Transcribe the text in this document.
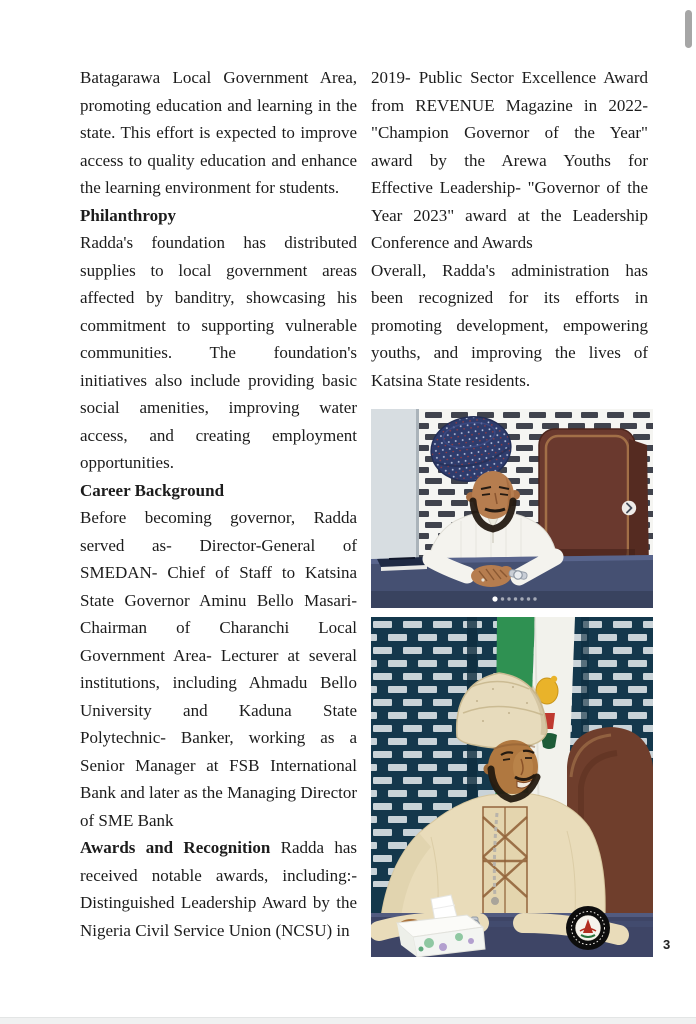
Batagarawa Local Government Area, promoting education and learning in the state. This effort is expected to improve access to quality education and enhance the learning environment for students.

Philanthropy

Radda's foundation has distributed supplies to local government areas affected by banditry, showcasing his commitment to supporting vulnerable communities. The foundation's initiatives also include providing basic social amenities, improving water access, and creating employment opportunities.

Career Background

Before becoming governor, Radda served as- Director-General of SMEDAN- Chief of Staff to Katsina State Governor Aminu Bello Masari- Chairman of Charanchi Local Government Area- Lecturer at several institutions, including Ahmadu Bello University and Kaduna State Polytechnic- Banker, working as a Senior Manager at FSB International Bank and later as the Managing Director of SME Bank

Awards and Recognition Radda has received notable awards, including:- Distinguished Leadership Award by the Nigeria Civil Service Union (NCSU) in

2019- Public Sector Excellence Award from REVENUE Magazine in 2022- "Champion Governor of the Year" award by the Arewa Youths for Effective Leadership- "Governor of the Year 2023" award at the Leadership Conference and Awards

Overall, Radda's administration has been recognized for its efforts in promoting development, empowering youths, and improving the lives of Katsina State residents.

3
